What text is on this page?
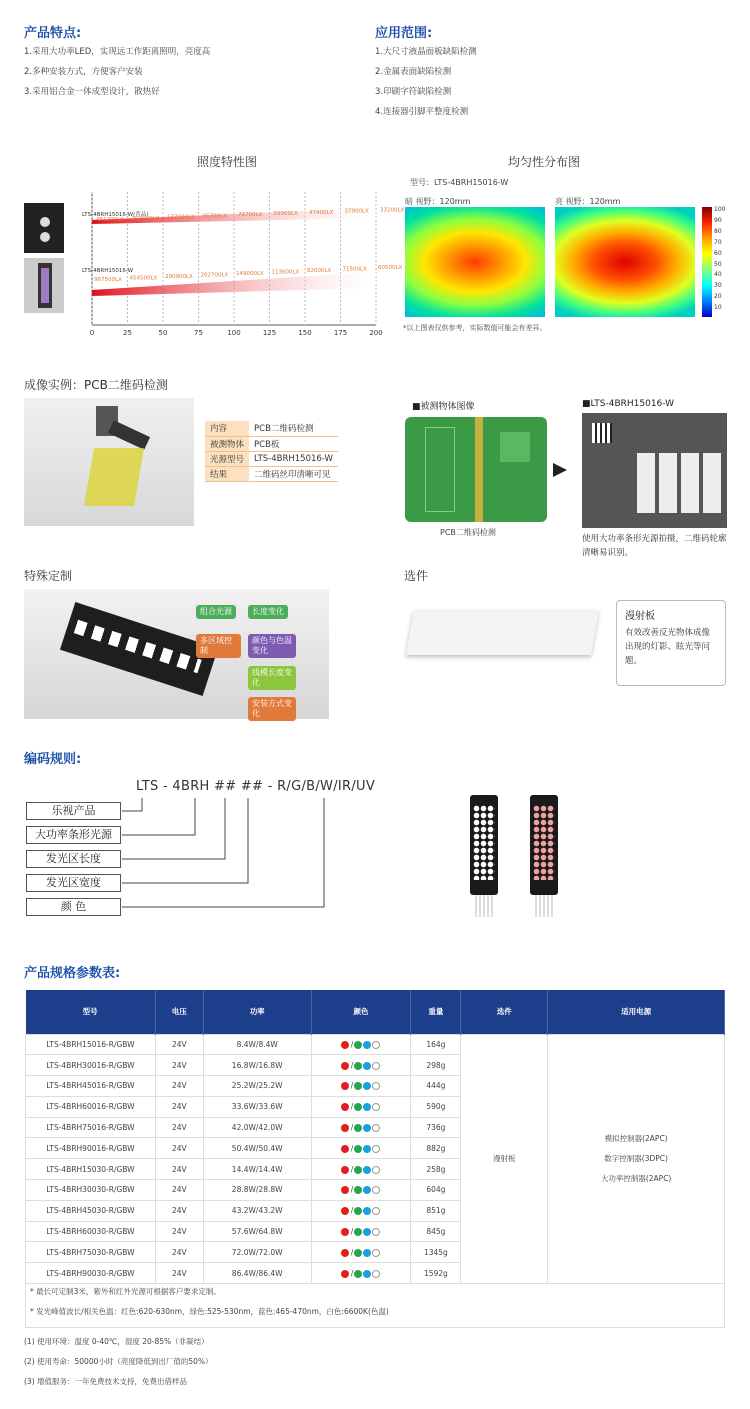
产品特点:
1.采用大功率LED，实现远工作距离照明，亮度高
2.多种安装方式，方便客户安装
3.采用铝合金一体成型设计，散热好
应用范围:
1.大尺寸液晶面板缺陷检测
2.金属表面缺陷检测
3.印刷字符缺陷检测
4.连接器引脚平整度检测
照度特性图
LTS-4BRH15016-W(普品)
LTS-4BRH15016-W
451200LX 202000LX 137200LX 95700LX 74700LX 59900LX 47400LX 37900LX 33200LX
967500LX 454500LX 290900LX 202700LX 149000LX 113600LX 92000LX 71500LX 60500LX
0	25	50	75	100	125	150	175	200
均匀性分布图
型号：LTS-4BRH15016-W
暗 视野：120mm	亮 视野：120mm
100
90
80
70
60
50
40
30
20
10
*以上图表仅供参考，实际数值可能会有差异。
成像实例：PCB二维码检测
内容	PCB二维码检测
被测物体	PCB板
光源型号	LTS-4BRH15016-W
结果	二维码丝印清晰可见
■被测物体图像
PCB二维码检测
■LTS-4BRH15016-W
使用大功率条形光源拍摄，二维码轮廓清晰易识别。
特殊定制
组合光源	长度变化
多区域控制
颜色与色温变化
线模长度变化
安装方式变化
选件
漫射板
有效改善反光物体成像出现的灯影、眩光等问题。
编码规则:
LTS - 4BRH ## ## - R/G/B/W/IR/UV
乐视产品
大功率条形光源
发光区长度
发光区宽度
颜 色
产品规格参数表:
型号	电压	功率	颜色	重量	选件	适用电源
LTS-4BRH15016-R/GBW	24V	8.4W/8.4W	/	164g	漫射板	模拟控制器(2APC)
数字控制器(3DPC)
大功率控制器(2APC)

LTS-4BRH30016-R/GBW	24V	16.8W/16.8W	/	298g		
LTS-4BRH45016-R/GBW	24V	25.2W/25.2W	/	444g		
LTS-4BRH60016-R/GBW	24V	33.6W/33.6W	/	590g		
LTS-4BRH75016-R/GBW	24V	42.0W/42.0W	/	736g		
LTS-4BRH90016-R/GBW	24V	50.4W/50.4W	/	882g		
LTS-4BRH15030-R/GBW	24V	14.4W/14.4W	/	258g		
LTS-4BRH30030-R/GBW	24V	28.8W/28.8W	/	604g		
LTS-4BRH45030-R/GBW	24V	43.2W/43.2W	/	851g		
LTS-4BRH60030-R/GBW	24V	57.6W/64.8W	/	845g		
LTS-4BRH75030-R/GBW	24V	72.0W/72.0W	/	1345g		
LTS-4BRH90030-R/GBW	24V	86.4W/86.4W	/	1592g		
* 最长可定制3米，紫外和红外光源可根据客户要求定制。
* 发光峰值波长/相关色温：红色:620-630nm，绿色:525-530nm，蓝色:465-470nm，白色:6600K(色温)
(1) 使用环境：温度 0-40℃，湿度 20-85%（非凝结）
(2) 使用寿命：50000小时（亮度降低到出厂值的50%）
(3) 增值服务：一年免费技术支持，免费出借样品
